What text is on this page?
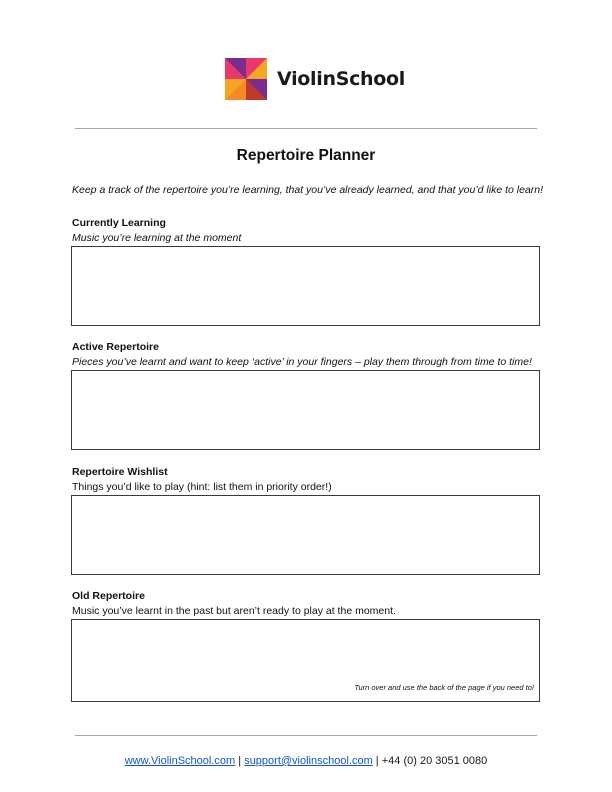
ViolinSchool
Repertoire Planner
Keep a track of the repertoire you’re learning, that you’ve already learned, and that you’d like to learn!
Currently Learning
Music you’re learning at the moment
Active Repertoire
Pieces you’ve learnt and want to keep ‘active’ in your fingers – play them through from time to time!
Repertoire Wishlist
Things you’d like to play (hint: list them in priority order!)
Old Repertoire
Music you’ve learnt in the past but aren’t ready to play at the moment.
Turn over and use the back of the page if you need to!
www.ViolinSchool.com | support@violinschool.com | +44 (0) 20 3051 0080
